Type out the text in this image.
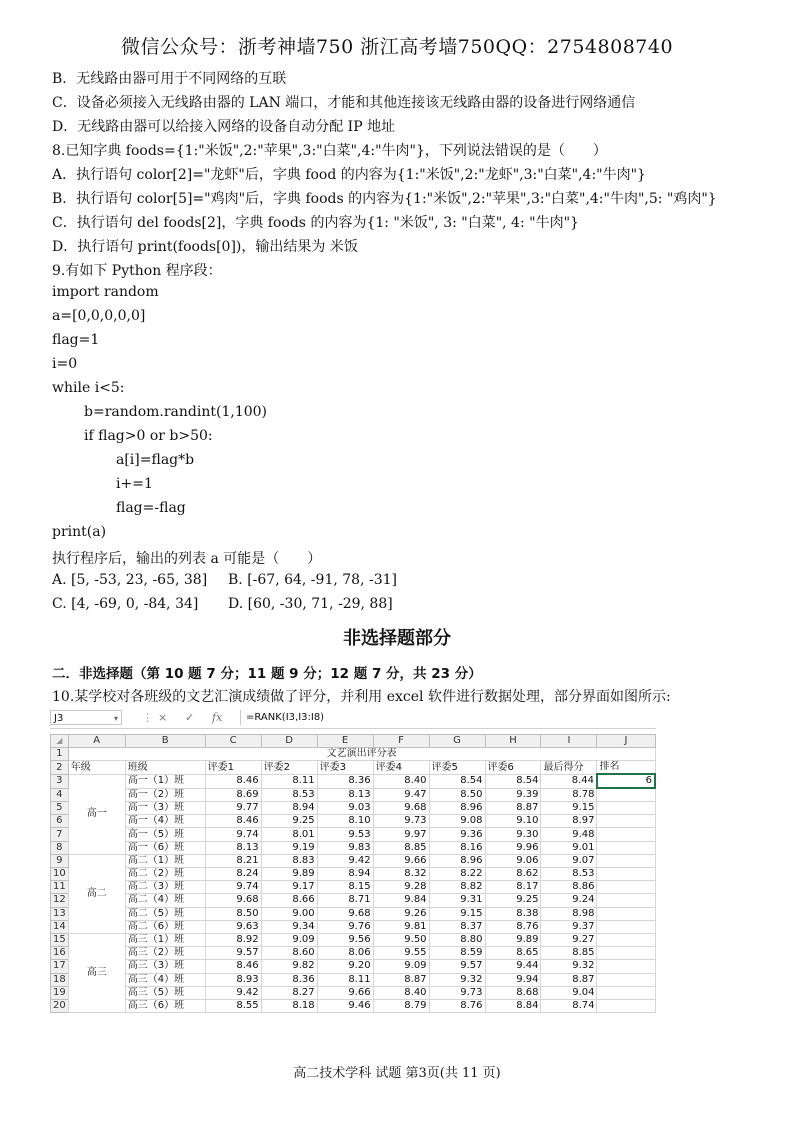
微信公众号：浙考神墙750 浙江高考墙750QQ：2754808740
B．无线路由器可用于不同网络的互联
C．设备必须接入无线路由器的 LAN 端口，才能和其他连接该无线路由器的设备进行网络通信
D．无线路由器可以给接入网络的设备自动分配 IP 地址
8.已知字典 foods={1:"米饭",2:"苹果",3:"白菜",4:"牛肉"}，下列说法错误的是（　　）
A．执行语句 color[2]="龙虾"后，字典 food 的内容为{1:"米饭",2:"龙虾",3:"白菜",4:"牛肉"}
B．执行语句 color[5]="鸡肉"后，字典 foods 的内容为{1:"米饭",2:"苹果",3:"白菜",4:"牛肉",5: "鸡肉"}
C．执行语句 del foods[2]，字典 foods 的内容为{1: "米饭", 3: "白菜", 4: "牛肉"}
D．执行语句 print(foods[0])，输出结果为 米饭
9.有如下 Python 程序段：
import random
a=[0,0,0,0,0]
flag=1
i=0
while i<5:
b=random.randint(1,100)
if flag>0 or b>50:
a[i]=flag*b
i+=1
flag=-flag
print(a)
执行程序后，输出的列表 a 可能是（　　）
A. [5, -53, 23, -65, 38] B. [-67, 64, -91, 78, -31]
C. [4, -69, 0, -84, 34] D. [60, -30, 71, -29, 88]
非选择题部分
二．非选择题（第 10 题 7 分；11 题 9 分；12 题 7 分，共 23 分）
10.某学校对各班级的文艺汇演成绩做了评分，并利用 excel 软件进行数据处理，部分界面如图所示:
J3	▾ ⋮ × ✓ fx	=RANK(I3,I3:I8)
◢	A	B	C	D	E	F	G	H	I	J
1	文艺演出评分表									
2	年级	班级	评委1	评委2	评委3	评委4	评委5	评委6	最后得分	排名
3	高一	高一（1）班	8.46	8.11	8.36	8.40	8.54	8.54	8.44	6
4		高一（2）班	8.69	8.53	8.13	9.47	8.50	9.39	8.78	
5		高一（3）班	9.77	8.94	9.03	9.68	8.96	8.87	9.15	
6		高一（4）班	8.46	9.25	8.10	9.73	9.08	9.10	8.97	
7		高一（5）班	9.74	8.01	9.53	9.97	9.36	9.30	9.48	
8		高一（6）班	8.13	9.19	9.83	8.85	8.16	9.96	9.01	
9	高二	高二（1）班	8.21	8.83	9.42	9.66	8.96	9.06	9.07	
10		高二（2）班	8.24	9.89	8.94	8.32	8.22	8.62	8.53	
11		高二（3）班	9.74	9.17	8.15	9.28	8.82	8.17	8.86	
12		高二（4）班	9.68	8.66	8.71	9.84	9.31	9.25	9.24	
13		高二（5）班	8.50	9.00	9.68	9.26	9.15	8.38	8.98	
14		高二（6）班	9.63	9.34	9.76	9.81	8.37	8.76	9.37	
15	高三	高三（1）班	8.92	9.09	9.56	9.50	8.80	9.89	9.27	
16		高三（2）班	9.57	8.60	8.06	9.55	8.59	8.65	8.85	
17		高三（3）班	8.46	9.82	9.20	9.09	9.57	9.44	9.32	
18		高三（4）班	8.93	8.36	8.11	8.87	9.32	9.94	8.87	
19		高三（5）班	9.42	8.27	9.66	8.40	9.73	8.68	9.04	
20		高三（6）班	8.55	8.18	9.46	8.79	8.76	8.84	8.74	
高二技术学科 试题 第3页(共 11 页)
